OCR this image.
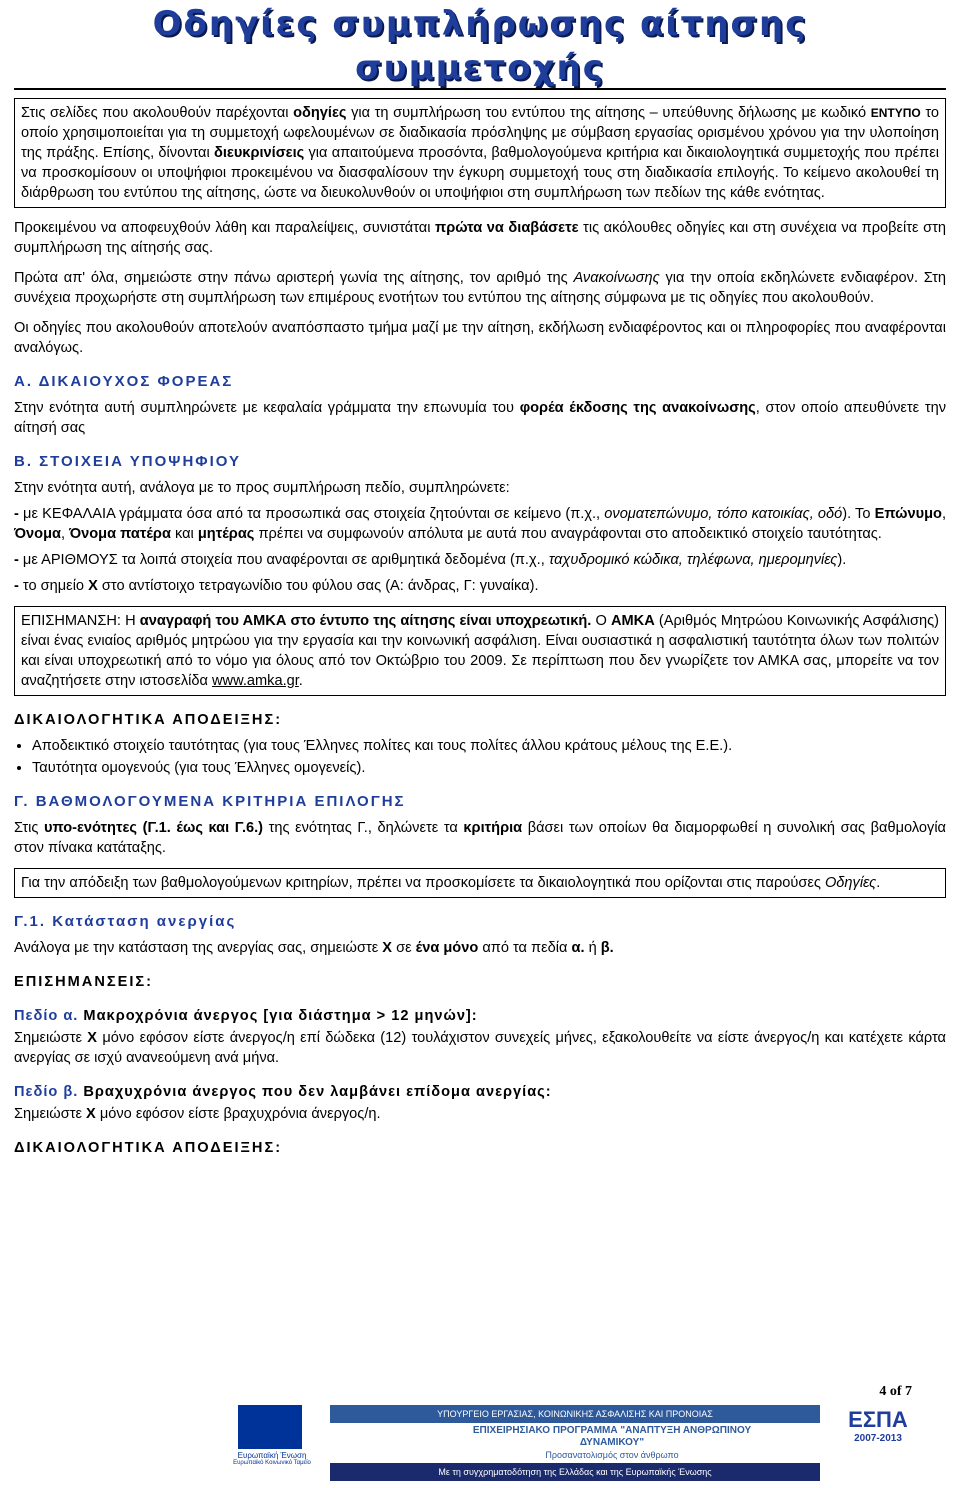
Οδηγίες συμπλήρωσης αίτησης
συμμετοχής

Στις σελίδες που ακολουθούν παρέχονται οδηγίες για τη συμπλήρωση του εντύπου της αίτησης – υπεύθυνης δήλωσης με κωδικό ΕΝΤΥΠΟ το οποίο χρησιμοποιείται για τη συμμετοχή ωφελουμένων σε διαδικασία πρόσληψης με σύμβαση εργασίας ορισμένου χρόνου για την υλοποίηση της πράξης. Επίσης, δίνονται διευκρινίσεις για απαιτούμενα προσόντα, βαθμολογούμενα κριτήρια και δικαιολογητικά συμμετοχής που πρέπει να προσκομίσουν οι υποψήφιοι προκειμένου να διασφαλίσουν την έγκυρη συμμετοχή τους στη διαδικασία επιλογής. Το κείμενο ακολουθεί τη διάρθρωση του εντύπου της αίτησης, ώστε να διευκολυνθούν οι υποψήφιοι στη συμπλήρωση των πεδίων της κάθε ενότητας.

Προκειμένου να αποφευχθούν λάθη και παραλείψεις, συνιστάται πρώτα να διαβάσετε τις ακόλουθες οδηγίες και στη συνέχεια να προβείτε στη συμπλήρωση της αίτησής σας.

Πρώτα απ' όλα, σημειώστε στην πάνω αριστερή γωνία της αίτησης, τον αριθμό της Ανακοίνωσης για την οποία εκδηλώνετε ενδιαφέρον. Στη συνέχεια προχωρήστε στη συμπλήρωση των επιμέρους ενοτήτων του εντύπου της αίτησης σύμφωνα με τις οδηγίες που ακολουθούν.

Οι οδηγίες που ακολουθούν αποτελούν αναπόσπαστο τμήμα μαζί με την αίτηση, εκδήλωση ενδιαφέροντος και οι πληροφορίες που αναφέρονται αναλόγως.

Α. ΔΙΚΑΙΟΥΧΟΣ ΦΟΡΕΑΣ

Στην ενότητα αυτή συμπληρώνετε με κεφαλαία γράμματα την επωνυμία του φορέα έκδοσης της ανακοίνωσης, στον οποίο απευθύνετε την αίτησή σας

Β. ΣΤΟΙΧΕΙΑ ΥΠΟΨΗΦΙΟΥ

Στην ενότητα αυτή, ανάλογα με το προς συμπλήρωση πεδίο, συμπληρώνετε:

- με ΚΕΦΑΛΑΙΑ γράμματα όσα από τα προσωπικά σας στοιχεία ζητούνται σε κείμενο (π.χ., ονοματεπώνυμο, τόπο κατοικίας, οδό). Το Επώνυμο, Όνομα, Όνομα πατέρα και μητέρας πρέπει να συμφωνούν απόλυτα με αυτά που αναγράφονται στο αποδεικτικό στοιχείο ταυτότητας.

- με ΑΡΙΘΜΟΥΣ τα λοιπά στοιχεία που αναφέρονται σε αριθμητικά δεδομένα (π.χ., ταχυδρομικό κώδικα, τηλέφωνα, ημερομηνίες).

- το σημείο Χ στο αντίστοιχο τετραγωνίδιο του φύλου σας (Α: άνδρας, Γ: γυναίκα).

ΕΠΙΣΗΜΑΝΣΗ: Η αναγραφή του ΑΜΚΑ στο έντυπο της αίτησης είναι υποχρεωτική. Ο ΑΜΚΑ (Αριθμός Μητρώου Κοινωνικής Ασφάλισης) είναι ένας ενιαίος αριθμός μητρώου για την εργασία και την κοινωνική ασφάλιση. Είναι ουσιαστικά η ασφαλιστική ταυτότητα όλων των πολιτών και είναι υποχρεωτική από το νόμο για όλους από τον Οκτώβριο του 2009. Σε περίπτωση που δεν γνωρίζετε τον ΑΜΚΑ σας, μπορείτε να τον αναζητήσετε στην ιστοσελίδα www.amka.gr.

ΔΙΚΑΙΟΛΟΓΗΤΙΚΑ ΑΠΟΔΕΙΞΗΣ:
• Αποδεικτικό στοιχείο ταυτότητας (για τους Έλληνες πολίτες και τους πολίτες άλλου κράτους μέλους της Ε.Ε.).
• Ταυτότητα ομογενούς (για τους Έλληνες ομογενείς).
Γ. ΒΑΘΜΟΛΟΓΟΥΜΕΝΑ ΚΡΙΤΗΡΙΑ ΕΠΙΛΟΓΗΣ

Στις υπο-ενότητες (Γ.1. έως και Γ.6.) της ενότητας Γ., δηλώνετε τα κριτήρια βάσει των οποίων θα διαμορφωθεί η συνολική σας βαθμολογία στον πίνακα κατάταξης.

Για την απόδειξη των βαθμολογούμενων κριτηρίων, πρέπει να προσκομίσετε τα δικαιολογητικά που ορίζονται στις παρούσες Οδηγίες.

Γ.1. Κατάσταση ανεργίας

Ανάλογα με την κατάσταση της ανεργίας σας, σημειώστε Χ σε ένα μόνο από τα πεδία α. ή β.

ΕΠΙΣΗΜΑΝΣΕΙΣ:
Πεδίο α. Μακροχρόνια άνεργος [για διάστημα > 12 μηνών]:

Σημειώστε Χ μόνο εφόσον είστε άνεργος/η επί δώδεκα (12) τουλάχιστον συνεχείς μήνες, εξακολουθείτε να είστε άνεργος/η και κατέχετε κάρτα ανεργίας σε ισχύ ανανεούμενη ανά μήνα.

Πεδίο β. Βραχυχρόνια άνεργος που δεν λαμβάνει επίδομα ανεργίας:

Σημειώστε Χ μόνο εφόσον είστε βραχυχρόνια άνεργος/η.

ΔΙΚΑΙΟΛΟΓΗΤΙΚΑ ΑΠΟΔΕΙΞΗΣ:
4 of 7
Ευρωπαϊκή Ένωση
Ευρωπαϊκό Κοινωνικό Ταμείο
ΥΠΟΥΡΓΕΙΟ ΕΡΓΑΣΙΑΣ, ΚΟΙΝΩΝΙΚΗΣ ΑΣΦΑΛΙΣΗΣ ΚΑΙ ΠΡΟΝΟΙΑΣ
ΕΠΙΧΕΙΡΗΣΙΑΚΟ ΠΡΟΓΡΑΜΜΑ "ΑΝΑΠΤΥΞΗ ΑΝΘΡΩΠΙΝΟΥ ΔΥΝΑΜΙΚΟΥ"
Προσανατολισμός στον άνθρωπο
ΕΣΠΑ
2007-2013
Με τη συγχρηματοδότηση της Ελλάδας και της Ευρωπαϊκής Ένωσης
